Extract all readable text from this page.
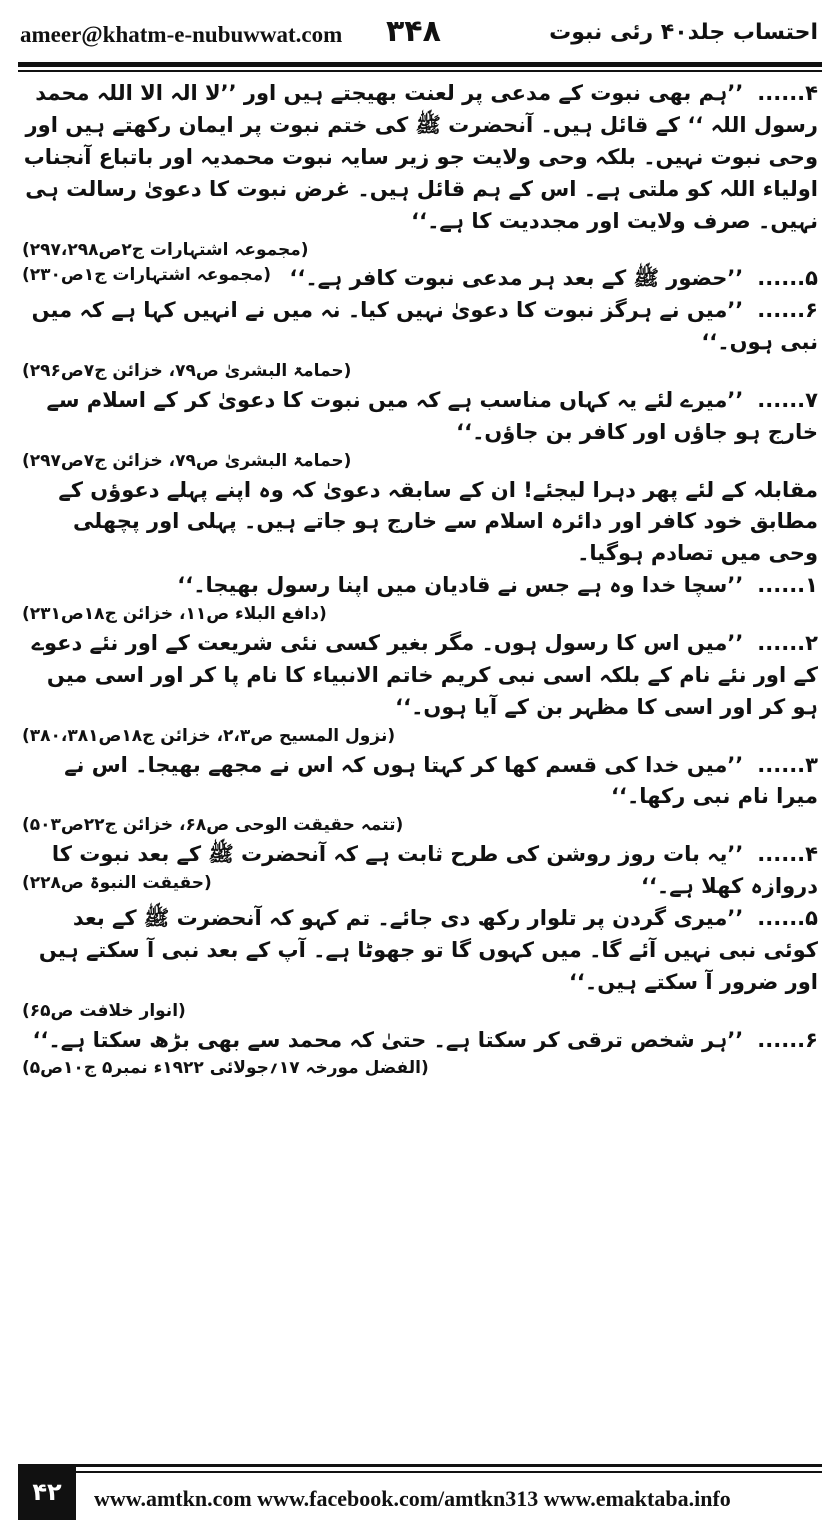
ameer@khatm-e-nubuwwat.com ۳۴۸	احتساب جلد۴۰ رئی نبوت

۴......’’ہم بھی نبوت کے مدعی پر لعنت بھیجتے ہیں اور ’’لا الہ الا اللہ محمد رسول اللہ ‘‘ کے قائل ہیں۔ آنحضرت ﷺ کی ختم نبوت پر ایمان رکھتے ہیں اور وحی نبوت نہیں۔ بلکہ وحی ولایت جو زیر سایہ نبوت محمدیہ اور باتباع آنجناب اولیاء اللہ کو ملتی ہے۔ اس کے ہم قائل ہیں۔ غرض نبوت کا دعویٰ رسالت ہی نہیں۔ صرف ولایت اور مجددیت کا ہے۔‘‘

(مجموعہ اشتہارات ج۲ص۲۹۷،۲۹۸)

۵......’’حضور ﷺ کے بعد ہر مدعی نبوت کافر ہے۔‘‘
(مجموعہ اشتہارات ج۱ص۲۳۰)

۶......’’میں نے ہرگز نبوت کا دعویٰ نہیں کیا۔ نہ میں نے انہیں کہا ہے کہ میں نبی ہوں۔‘‘

(حمامۃ البشریٰ ص۷۹، خزائن ج۷ص۲۹۶)

۷......’’میرے لئے یہ کہاں مناسب ہے کہ میں نبوت کا دعویٰ کر کے اسلام سے خارج ہو جاؤں اور کافر بن جاؤں۔‘‘

(حمامۃ البشریٰ ص۷۹، خزائن ج۷ص۲۹۷)

مقابلہ کے لئے پھر دہرا لیجئے! ان کے سابقہ دعویٰ کہ وہ اپنے پہلے دعوؤں کے مطابق خود کافر اور دائرہ اسلام سے خارج ہو جاتے ہیں۔ پہلی اور پچھلی وحی میں تصادم ہوگیا۔

۱......’’سچا خدا وہ ہے جس نے قادیان میں اپنا رسول بھیجا۔‘‘

(دافع البلاء ص۱۱، خزائن ج۱۸ص۲۳۱)

۲......’’میں اس کا رسول ہوں۔ مگر بغیر کسی نئی شریعت کے اور نئے دعوے کے اور نئے نام کے بلکہ اسی نبی کریم خاتم الانبیاء کا نام پا کر اور اسی میں ہو کر اور اسی کا مظہر بن کے آیا ہوں۔‘‘

(نزول المسیح ص۲،۳، خزائن ج۱۸ص۳۸۰،۳۸۱)

۳......’’میں خدا کی قسم کھا کر کہتا ہوں کہ اس نے مجھے بھیجا۔ اس نے میرا نام نبی رکھا۔‘‘

(تتمہ حقیقت الوحی ص۶۸، خزائن ج۲۲ص۵۰۳)

۴......’’یہ بات روز روشن کی طرح ثابت ہے کہ آنحضرت ﷺ کے بعد نبوت کا دروازہ کھلا ہے۔‘‘
(حقیقت النبوۃ ص۲۲۸)

۵......’’میری گردن پر تلوار رکھ دی جائے۔ تم کہو کہ آنحضرت ﷺ کے بعد کوئی نبی نہیں آئے گا۔ میں کہوں گا تو جھوٹا ہے۔ آپ کے بعد نبی آ سکتے ہیں اور ضرور آ سکتے ہیں۔‘‘

(انوار خلافت ص۶۵)

۶......’’ہر شخص ترقی کر سکتا ہے۔ حتیٰ کہ محمد سے بھی بڑھ سکتا ہے۔‘‘

(الفضل مورخہ ۱۷؍جولائی ۱۹۲۲ء نمبر۵ ج۱۰ص۵)

۴۲	www.amtkn.com www.facebook.com/amtkn313 www.emaktaba.info
